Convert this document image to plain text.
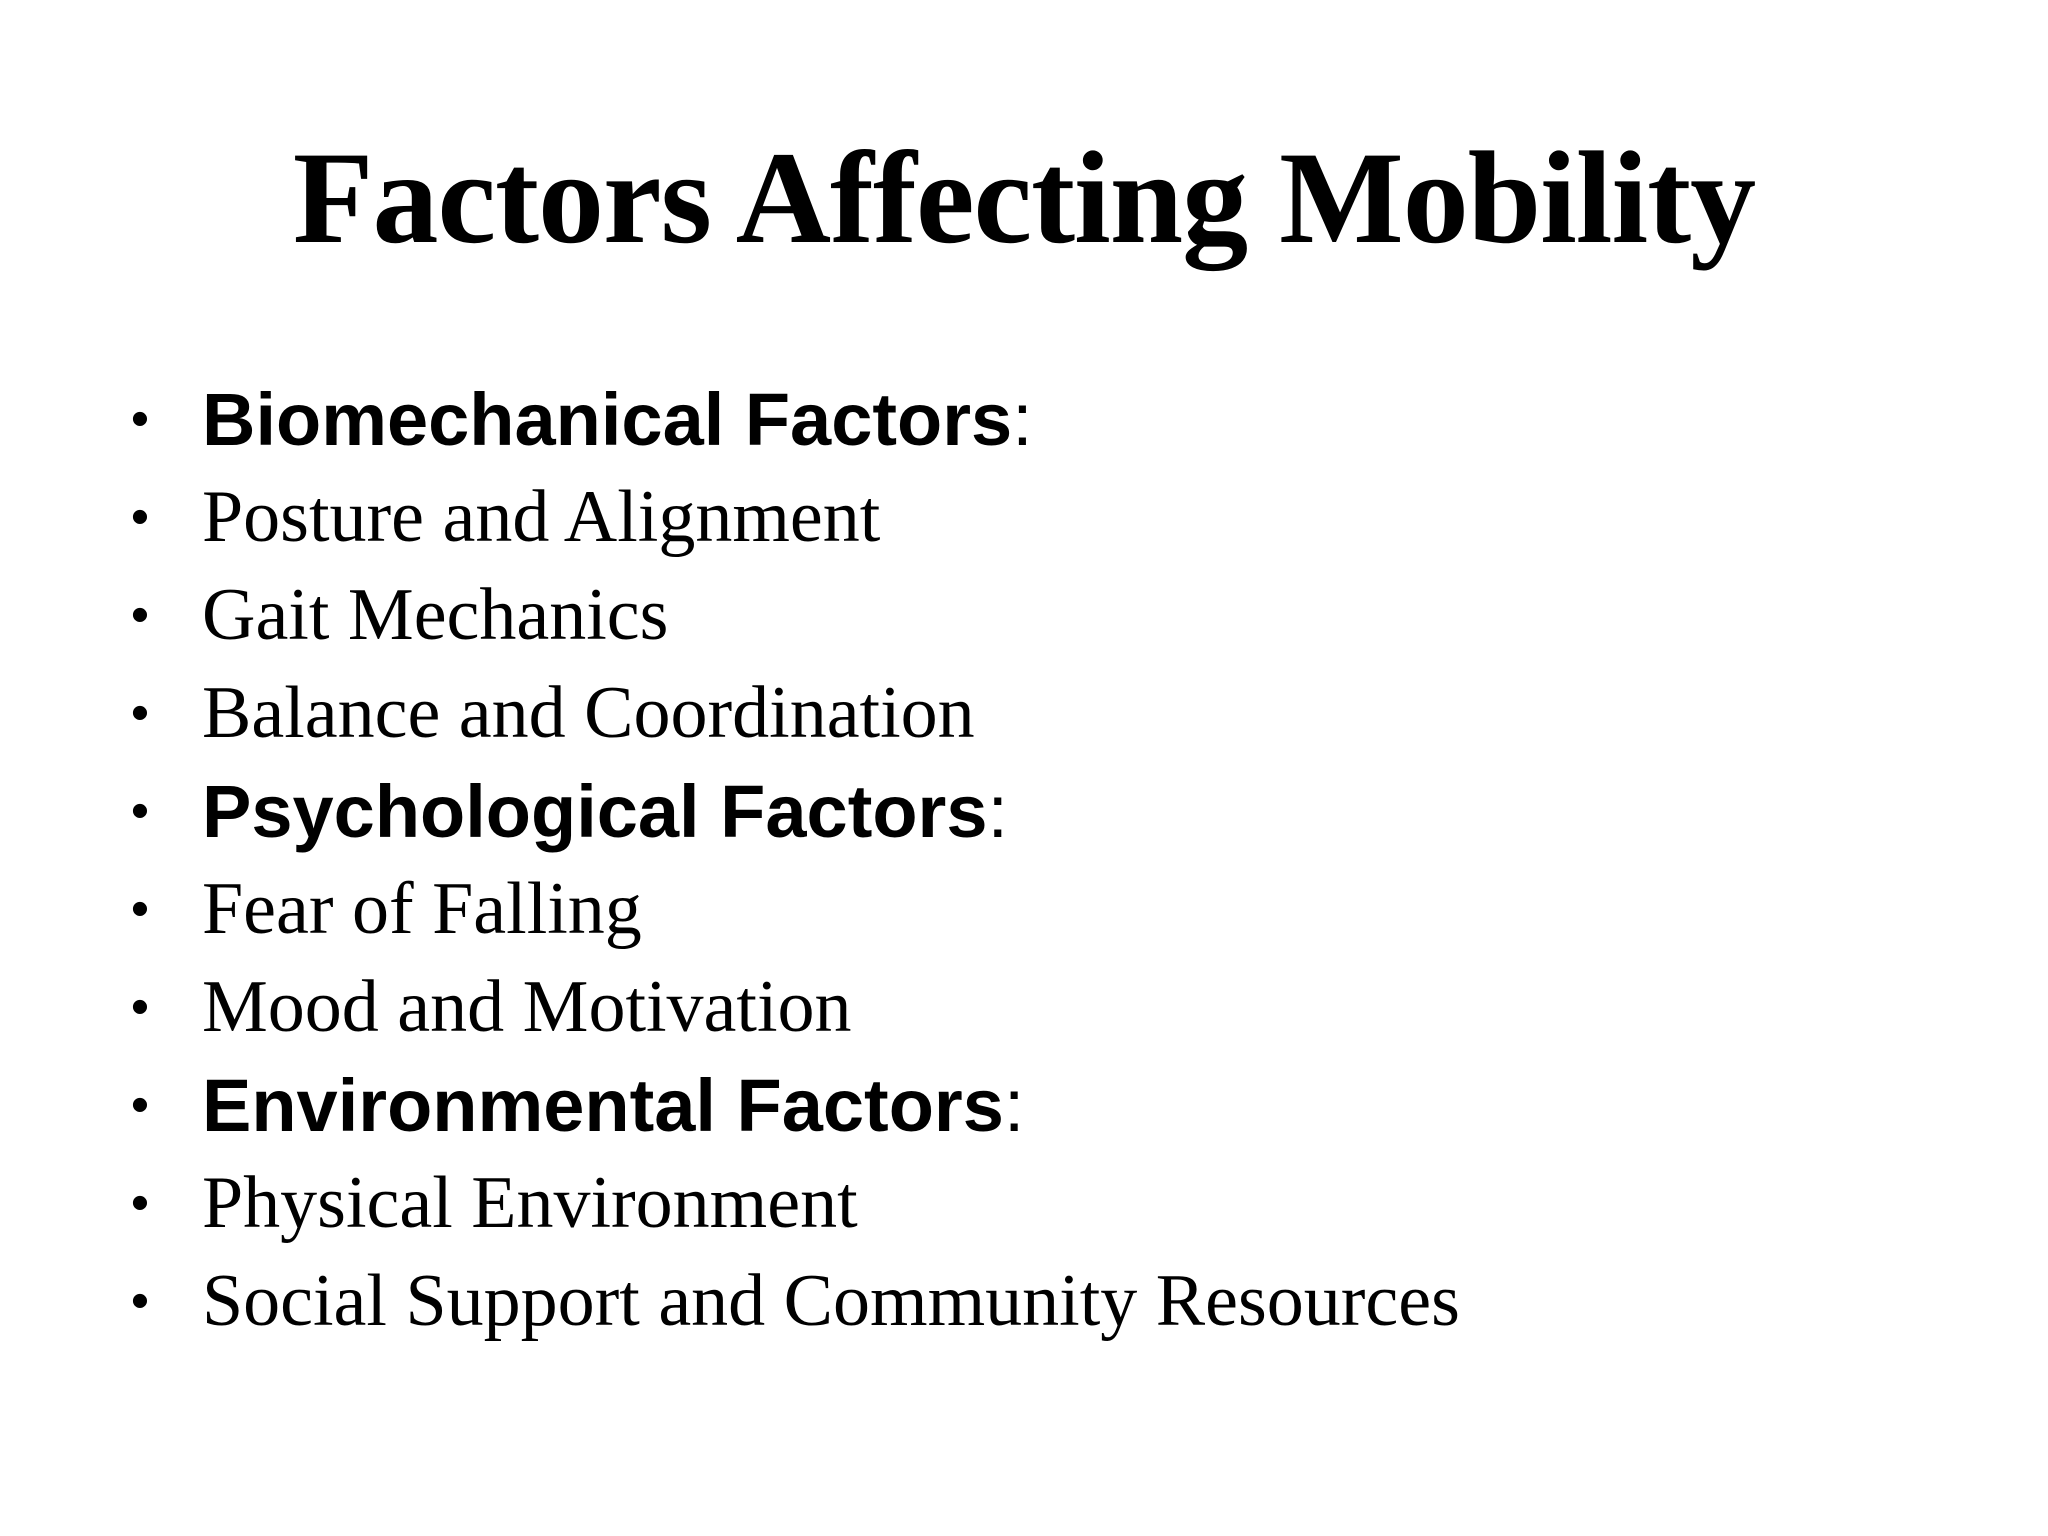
Factors Affecting Mobility
• Biomechanical Factors:
• Posture and Alignment
• Gait Mechanics
• Balance and Coordination
• Psychological Factors:
• Fear of Falling
• Mood and Motivation
• Environmental Factors:
• Physical Environment
• Social Support and Community Resources
